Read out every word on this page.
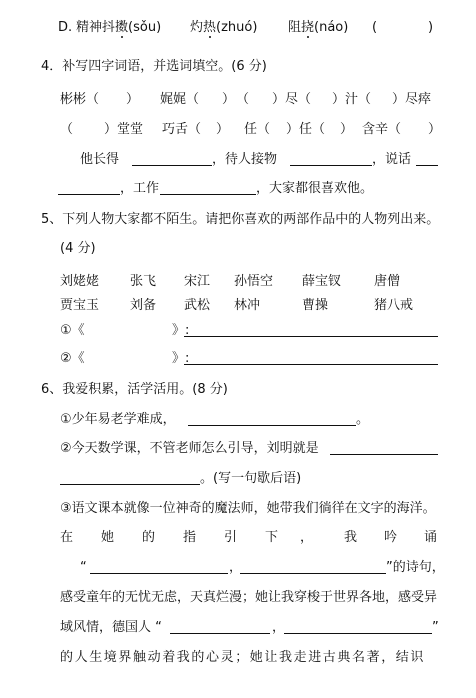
D. 精神抖擞(sǒu) 灼热(zhuó) 阻挠(náo) (	)
4．补写四字词语，并选词填空。(6 分)
彬彬（ ） 娓娓（ ） （ ）尽（ ）汁（ ）尽瘁
（ ）堂堂 巧舌（ ） 任（ ）任（ ） 含辛（ ）
他长得	，待人接物	，说话
，工作	，大家都很喜欢他。
5、下列人物大家都不陌生。请把你喜欢的两部作品中的人物列出来。
(4 分)
刘姥姥 张飞 宋江 孙悟空 薛宝钗	唐僧
贾宝玉 刘备 武松 林冲	曹操	猪八戒
①《	》:
②《	》:
6、我爱积累，活学活用。(8 分)
①少年易老学难成，	。
②今天数学课，不管老师怎么引导，刘明就是
。(写一句歇后语)
③语文课本就像一位神奇的魔法师，她带我们徜徉在文字的海洋。
在 她 的 指 引 下 ， 我 吟 诵
“	，	”的诗句，
感受童年的无忧无虑，天真烂漫；她让我穿梭于世界各地，感受异
域风情，德国人 “	，	”
的人生境界触动着我的心灵；她让我走进古典名著，结识
